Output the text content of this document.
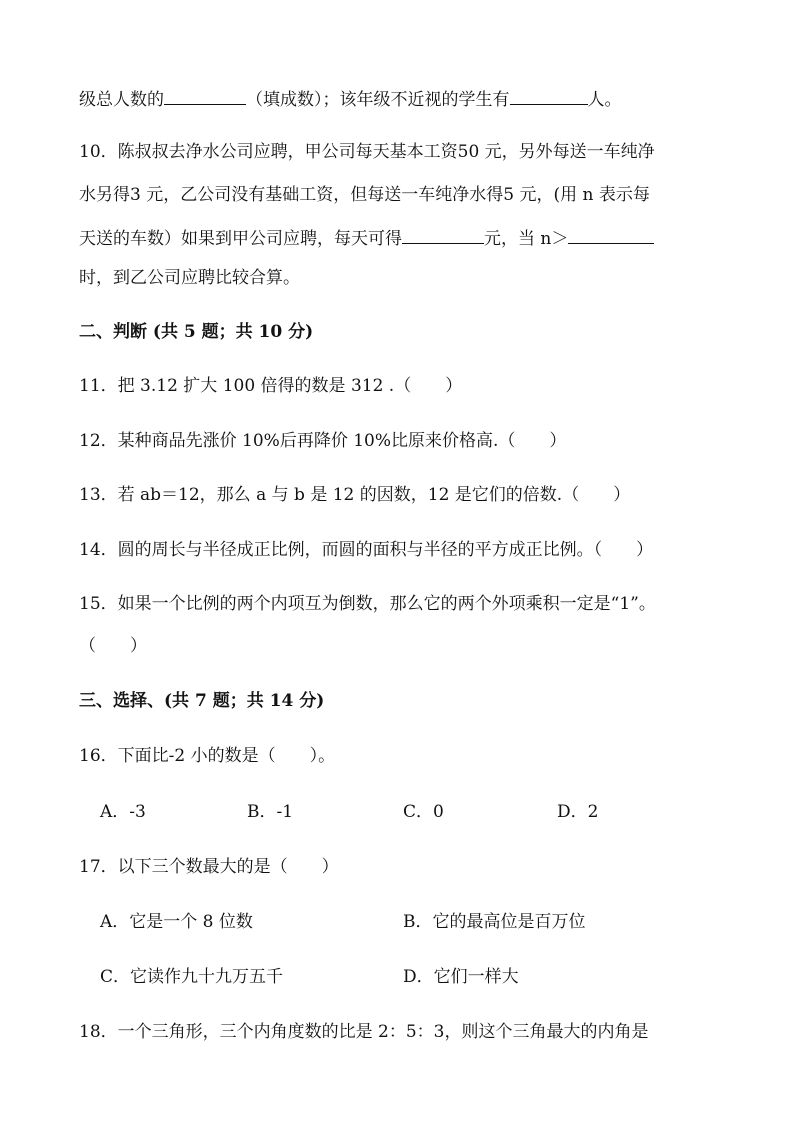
级总人数的	（填成数）；该年级不近视的学生有	人。
10．陈叔叔去净水公司应聘，甲公司每天基本工资50 元，另外每送一车纯净
水另得3 元，乙公司没有基础工资，但每送一车纯净水得5 元，(用 n 表示每
天送的车数）如果到甲公司应聘，每天可得	元，当 n＞
时，到乙公司应聘比较合算。
二、判断 (共 5 题；共 10 分)
11．把 3.12 扩大 100 倍得的数是 312 .（　　）
12．某种商品先涨价 10%后再降价 10%比原来价格高.（　　）
13．若 ab＝12，那么 a 与 b 是 12 的因数，12 是它们的倍数.（　　）
14．圆的周长与半径成正比例，而圆的面积与半径的平方成正比例。（　　）
15．如果一个比例的两个内项互为倒数，那么它的两个外项乘积一定是“1”。
（　　）
三、选择、(共 7 题；共 14 分)
16．下面比-2 小的数是（　　）。
A．-3	B．-1	C．0	D．2
17．以下三个数最大的是（　　）
A．它是一个 8 位数	B．它的最高位是百万位
C．它读作九十九万五千	D．它们一样大
18．一个三角形，三个内角度数的比是 2：5：3，则这个三角最大的内角是
